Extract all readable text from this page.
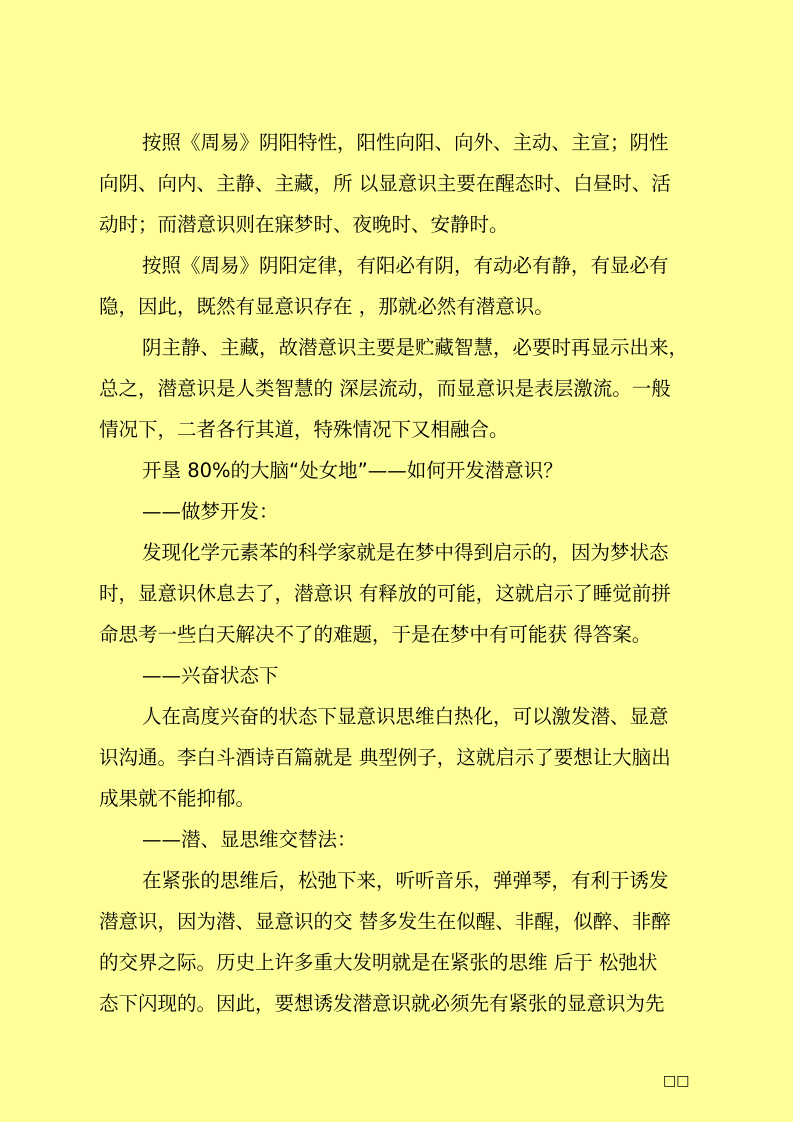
按照《周易》阴阳特性，阳性向阳、向外、主动、主宣；阴性
向阴、向内、主静、主藏，所 以显意识主要在醒态时、白昼时、活
动时；而潜意识则在寐梦时、夜晚时、安静时。
按照《周易》阴阳定律，有阳必有阴，有动必有静，有显必有
隐，因此，既然有显意识存在 ，那就必然有潜意识。
阴主静、主藏，故潜意识主要是贮藏智慧，必要时再显示出来，
总之，潜意识是人类智慧的 深层流动，而显意识是表层激流。一般
情况下，二者各行其道，特殊情况下又相融合。
开垦 80%的大脑“处女地”——如何开发潜意识？
——做梦开发：
发现化学元素苯的科学家就是在梦中得到启示的，因为梦状态
时，显意识休息去了，潜意识 有释放的可能，这就启示了睡觉前拼
命思考一些白天解决不了的难题，于是在梦中有可能获 得答案。
——兴奋状态下
人在高度兴奋的状态下显意识思维白热化，可以激发潜、显意
识沟通。李白斗酒诗百篇就是 典型例子，这就启示了要想让大脑出
成果就不能抑郁。
——潜、显思维交替法：
在紧张的思维后，松弛下来，听听音乐，弹弹琴，有利于诱发
潜意识，因为潜、显意识的交 替多发生在似醒、非醒，似醉、非醉
的交界之际。历史上许多重大发明就是在紧张的思维 后于 松弛状
态下闪现的。因此，要想诱发潜意识就必须先有紧张的显意识为先
□□
